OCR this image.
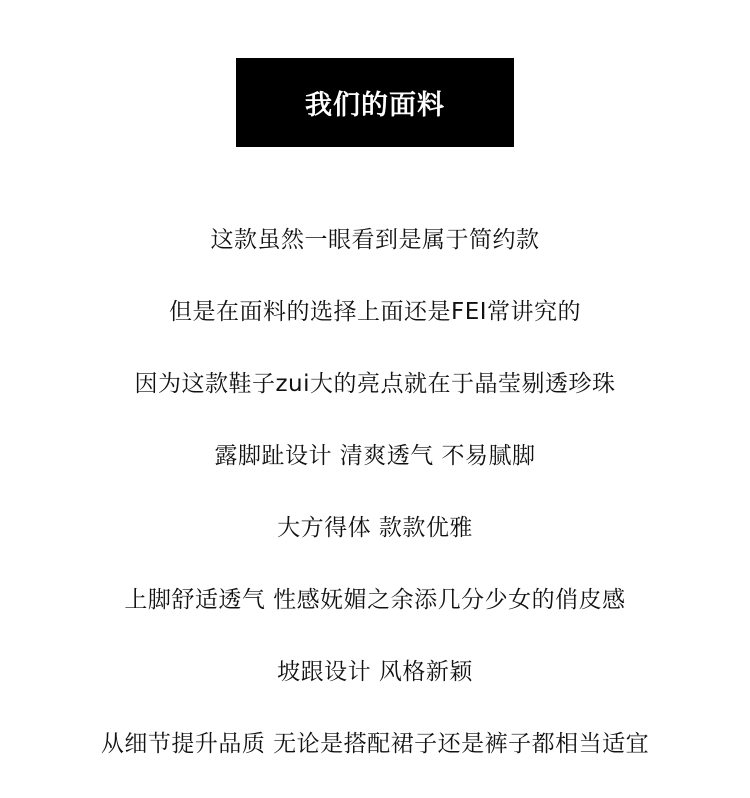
我们的面料
这款虽然一眼看到是属于简约款
但是在面料的选择上面还是FEI常讲究的
因为这款鞋子zui大的亮点就在于晶莹剔透珍珠
露脚趾设计 清爽透气 不易腻脚
大方得体 款款优雅
上脚舒适透气 性感妩媚之余添几分少女的俏皮感
坡跟设计 风格新颖
从细节提升品质 无论是搭配裙子还是裤子都相当适宜
